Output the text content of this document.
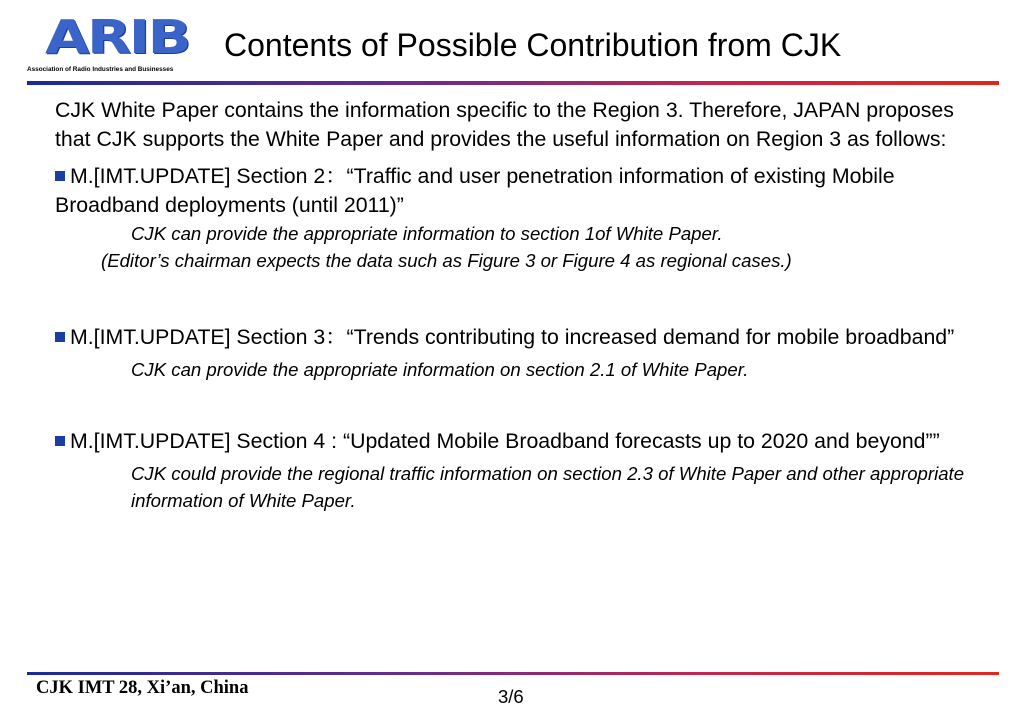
ARIB
Association of Radio Industries and Businesses
Contents of Possible Contribution from CJK

CJK White Paper contains the information specific to the Region 3. Therefore, JAPAN proposes that CJK supports the White Paper and provides the useful information on Region 3 as follows:

M.[IMT.UPDATE] Section 2：“Traffic and user penetration information of existing Mobile Broadband deployments (until 2011)”

CJK can provide the appropriate information to section 1of White Paper.

(Editor’s chairman expects the data such as Figure 3 or Figure 4 as regional cases.)

M.[IMT.UPDATE] Section 3：“Trends contributing to increased demand for mobile broadband”

CJK can provide the appropriate information on section 2.1 of White Paper.

M.[IMT.UPDATE] Section 4 : “Updated Mobile Broadband forecasts up to 2020 and beyond””

CJK could provide the regional traffic information on section 2.3 of White Paper and other appropriate information of White Paper.

CJK IMT 28, Xi’an, China	3/6
